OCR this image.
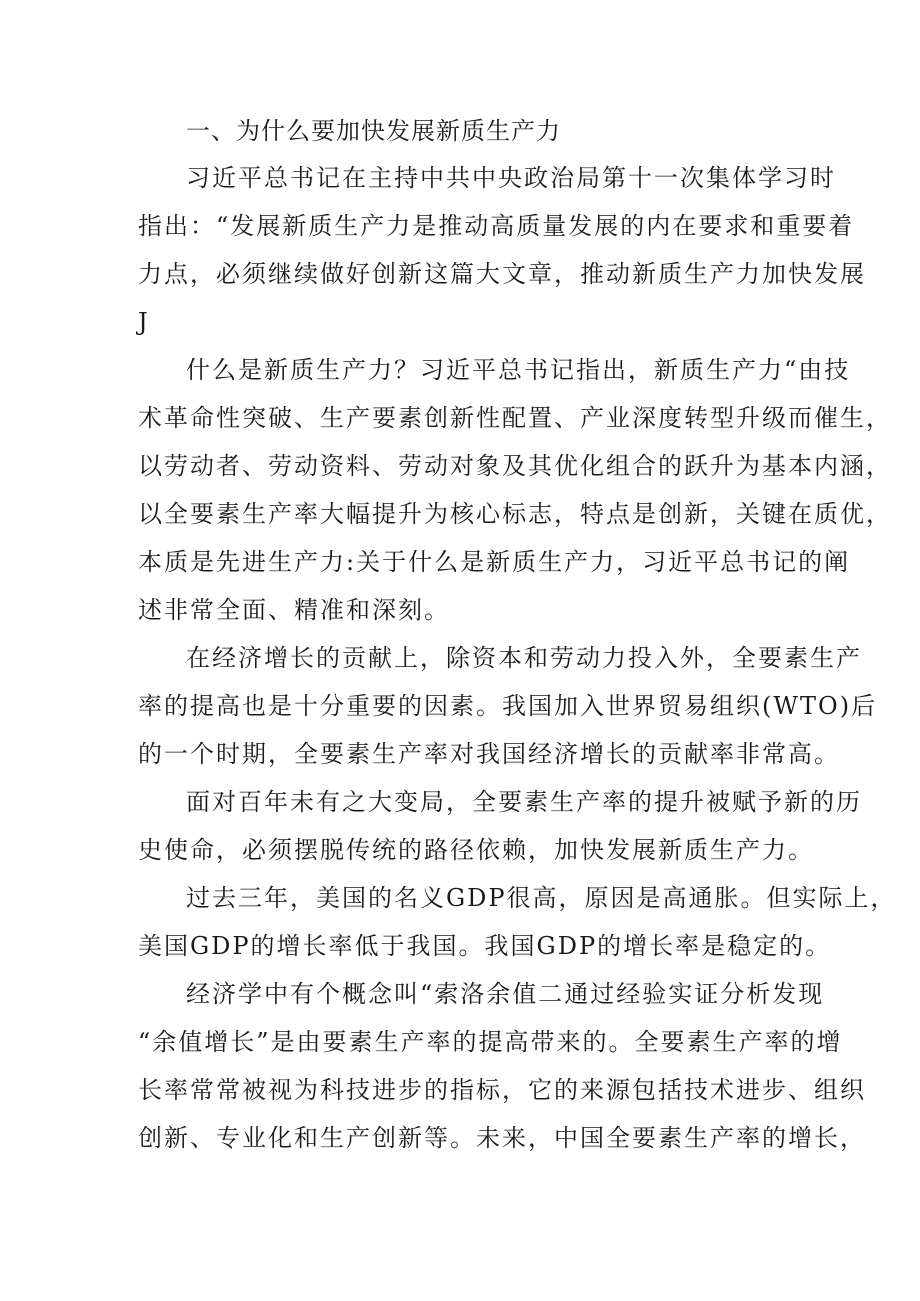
一、为什么要加快发展新质生产力
习近平总书记在主持中共中央政治局第十一次集体学习时
指出：“发展新质生产力是推动高质量发展的内在要求和重要着
力点，必须继续做好创新这篇大文章，推动新质生产力加快发展
J
什么是新质生产力？习近平总书记指出，新质生产力“由技
术革命性突破、生产要素创新性配置、产业深度转型升级而催生，
以劳动者、劳动资料、劳动对象及其优化组合的跃升为基本内涵，
以全要素生产率大幅提升为核心标志，特点是创新，关键在质优，
本质是先进生产力:关于什么是新质生产力，习近平总书记的阐
述非常全面、精准和深刻。
在经济增长的贡献上，除资本和劳动力投入外，全要素生产
率的提高也是十分重要的因素。我国加入世界贸易组织(WTO)后
的一个时期，全要素生产率对我国经济增长的贡献率非常高。
面对百年未有之大变局，全要素生产率的提升被赋予新的历
史使命，必须摆脱传统的路径依赖，加快发展新质生产力。
过去三年，美国的名义GDP很高，原因是高通胀。但实际上，
美国GDP的增长率低于我国。我国GDP的增长率是稳定的。
经济学中有个概念叫“索洛余值二通过经验实证分析发现
“余值增长”是由要素生产率的提高带来的。全要素生产率的增
长率常常被视为科技进步的指标，它的来源包括技术进步、组织
创新、专业化和生产创新等。未来，中国全要素生产率的增长，
